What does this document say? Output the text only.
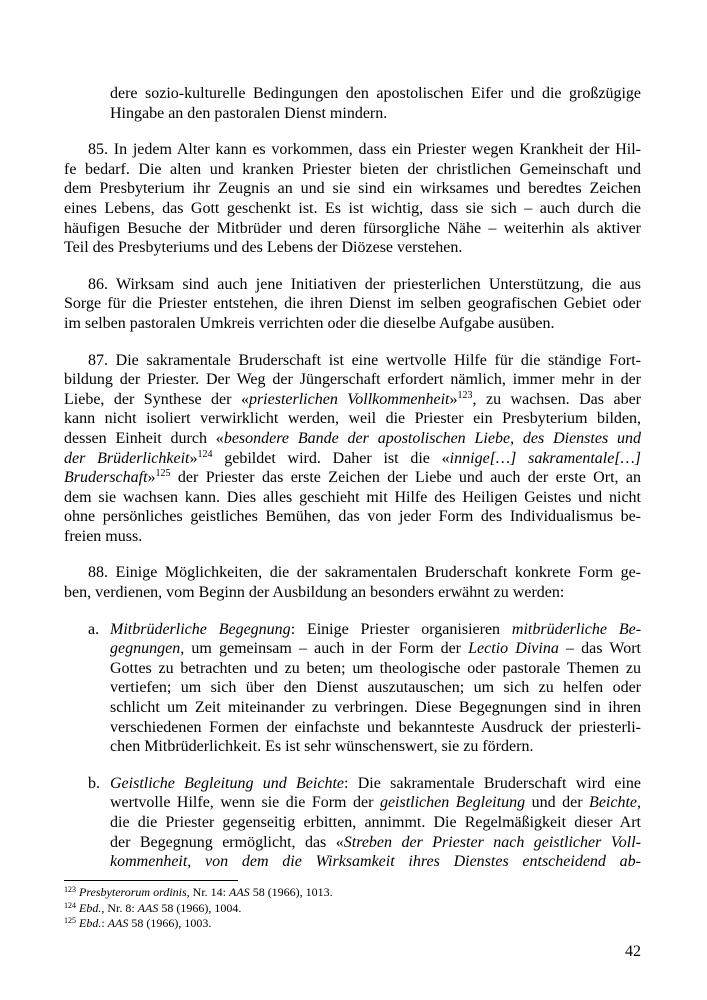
dere sozio-kulturelle Bedingungen den apostolischen Eifer und die großzügige
Hingabe an den pastoralen Dienst mindern.
85. In jedem Alter kann es vorkommen, dass ein Priester wegen Krankheit der Hil-
fe bedarf. Die alten und kranken Priester bieten der christlichen Gemeinschaft und
dem Presbyterium ihr Zeugnis an und sie sind ein wirksames und beredtes Zeichen
eines Lebens, das Gott geschenkt ist. Es ist wichtig, dass sie sich – auch durch die
häufigen Besuche der Mitbrüder und deren fürsorgliche Nähe – weiterhin als aktiver
Teil des Presbyteriums und des Lebens der Diözese verstehen.
86. Wirksam sind auch jene Initiativen der priesterlichen Unterstützung, die aus
Sorge für die Priester entstehen, die ihren Dienst im selben geografischen Gebiet oder
im selben pastoralen Umkreis verrichten oder die dieselbe Aufgabe ausüben.
87. Die sakramentale Bruderschaft ist eine wertvolle Hilfe für die ständige Fort-
bildung der Priester. Der Weg der Jüngerschaft erfordert nämlich, immer mehr in der
Liebe, der Synthese der «priesterlichen Vollkommenheit»$^{123}$, zu wachsen. Das aber
kann nicht isoliert verwirklicht werden, weil die Priester ein Presbyterium bilden,
dessen Einheit durch «besondere Bande der apostolischen Liebe, des Dienstes und
der Brüderlichkeit»$^{124}$ gebildet wird. Daher ist die «innige[…] sakramentale[…]
Bruderschaft»$^{125}$ der Priester das erste Zeichen der Liebe und auch der erste Ort, an
dem sie wachsen kann. Dies alles geschieht mit Hilfe des Heiligen Geistes und nicht
ohne persönliches geistliches Bemühen, das von jeder Form des Individualismus be-
freien muss.
88. Einige Möglichkeiten, die der sakramentalen Bruderschaft konkrete Form ge-
ben, verdienen, vom Beginn der Ausbildung an besonders erwähnt zu werden:
a. Mitbrüderliche Begegnung: Einige Priester organisieren mitbrüderliche Be-
gegnungen, um gemeinsam – auch in der Form der Lectio Divina – das Wort
Gottes zu betrachten und zu beten; um theologische oder pastorale Themen zu
vertiefen; um sich über den Dienst auszutauschen; um sich zu helfen oder
schlicht um Zeit miteinander zu verbringen. Diese Begegnungen sind in ihren
verschiedenen Formen der einfachste und bekannteste Ausdruck der priesterli-
chen Mitbrüderlichkeit. Es ist sehr wünschenswert, sie zu fördern.
b. Geistliche Begleitung und Beichte: Die sakramentale Bruderschaft wird eine
wertvolle Hilfe, wenn sie die Form der geistlichen Begleitung und der Beichte,
die die Priester gegenseitig erbitten, annimmt. Die Regelmäßigkeit dieser Art
der Begegnung ermöglicht, das «Streben der Priester nach geistlicher Voll-
kommenheit, von dem die Wirksamkeit ihres Dienstes entscheidend ab-
$^{123}$ Presbyterorum ordinis, Nr. 14: AAS 58 (1966), 1013.
$^{124}$ Ebd., Nr. 8: AAS 58 (1966), 1004.
$^{125}$ Ebd.: AAS 58 (1966), 1003.
42
